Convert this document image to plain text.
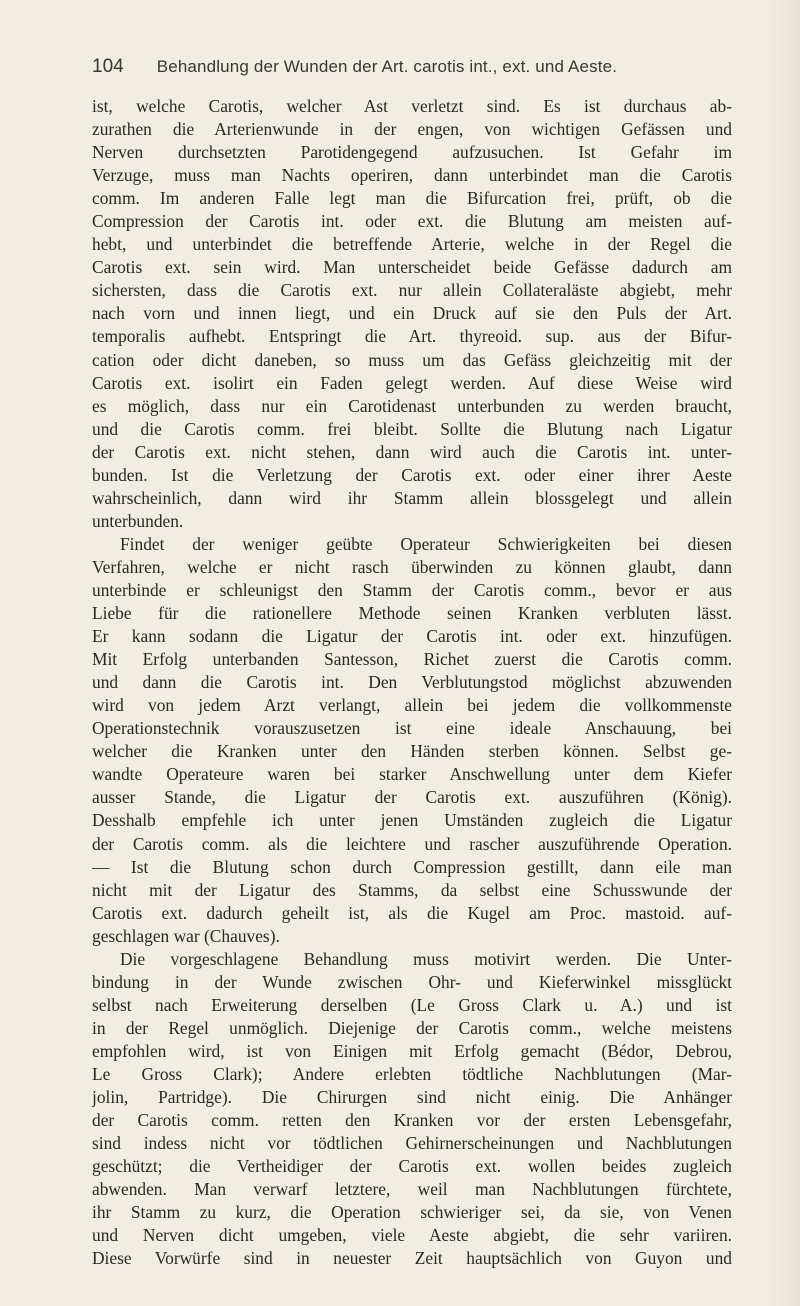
104 Behandlung der Wunden der Art. carotis int., ext. und Aeste.
ist, welche Carotis, welcher Ast verletzt sind. Es ist durchaus ab-
zurathen die Arterienwunde in der engen, von wichtigen Gefässen und
Nerven durchsetzten Parotidengegend aufzusuchen. Ist Gefahr im
Verzuge, muss man Nachts operiren, dann unterbindet man die Carotis
comm. Im anderen Falle legt man die Bifurcation frei, prüft, ob die
Compression der Carotis int. oder ext. die Blutung am meisten auf-
hebt, und unterbindet die betreffende Arterie, welche in der Regel die
Carotis ext. sein wird. Man unterscheidet beide Gefässe dadurch am
sichersten, dass die Carotis ext. nur allein Collateraläste abgiebt, mehr
nach vorn und innen liegt, und ein Druck auf sie den Puls der Art.
temporalis aufhebt. Entspringt die Art. thyreoid. sup. aus der Bifur-
cation oder dicht daneben, so muss um das Gefäss gleichzeitig mit der
Carotis ext. isolirt ein Faden gelegt werden. Auf diese Weise wird
es möglich, dass nur ein Carotidenast unterbunden zu werden braucht,
und die Carotis comm. frei bleibt. Sollte die Blutung nach Ligatur
der Carotis ext. nicht stehen, dann wird auch die Carotis int. unter-
bunden. Ist die Verletzung der Carotis ext. oder einer ihrer Aeste
wahrscheinlich, dann wird ihr Stamm allein blossgelegt und allein
unterbunden.
Findet der weniger geübte Operateur Schwierigkeiten bei diesen
Verfahren, welche er nicht rasch überwinden zu können glaubt, dann
unterbinde er schleunigst den Stamm der Carotis comm., bevor er aus
Liebe für die rationellere Methode seinen Kranken verbluten lässt.
Er kann sodann die Ligatur der Carotis int. oder ext. hinzufügen.
Mit Erfolg unterbanden Santesson, Richet zuerst die Carotis comm.
und dann die Carotis int. Den Verblutungstod möglichst abzuwenden
wird von jedem Arzt verlangt, allein bei jedem die vollkommenste
Operationstechnik vorauszusetzen ist eine ideale Anschauung, bei
welcher die Kranken unter den Händen sterben können. Selbst ge-
wandte Operateure waren bei starker Anschwellung unter dem Kiefer
ausser Stande, die Ligatur der Carotis ext. auszuführen (König).
Desshalb empfehle ich unter jenen Umständen zugleich die Ligatur
der Carotis comm. als die leichtere und rascher auszuführende Operation.
— Ist die Blutung schon durch Compression gestillt, dann eile man
nicht mit der Ligatur des Stamms, da selbst eine Schusswunde der
Carotis ext. dadurch geheilt ist, als die Kugel am Proc. mastoid. auf-
geschlagen war (Chauves).
Die vorgeschlagene Behandlung muss motivirt werden. Die Unter-
bindung in der Wunde zwischen Ohr- und Kieferwinkel missglückt
selbst nach Erweiterung derselben (Le Gross Clark u. A.) und ist
in der Regel unmöglich. Diejenige der Carotis comm., welche meistens
empfohlen wird, ist von Einigen mit Erfolg gemacht (Bédor, Debrou,
Le Gross Clark); Andere erlebten tödtliche Nachblutungen (Mar-
jolin, Partridge). Die Chirurgen sind nicht einig. Die Anhänger
der Carotis comm. retten den Kranken vor der ersten Lebensgefahr,
sind indess nicht vor tödtlichen Gehirnerscheinungen und Nachblutungen
geschützt; die Vertheidiger der Carotis ext. wollen beides zugleich
abwenden. Man verwarf letztere, weil man Nachblutungen fürchtete,
ihr Stamm zu kurz, die Operation schwieriger sei, da sie, von Venen
und Nerven dicht umgeben, viele Aeste abgiebt, die sehr variiren.
Diese Vorwürfe sind in neuester Zeit hauptsächlich von Guyon und
